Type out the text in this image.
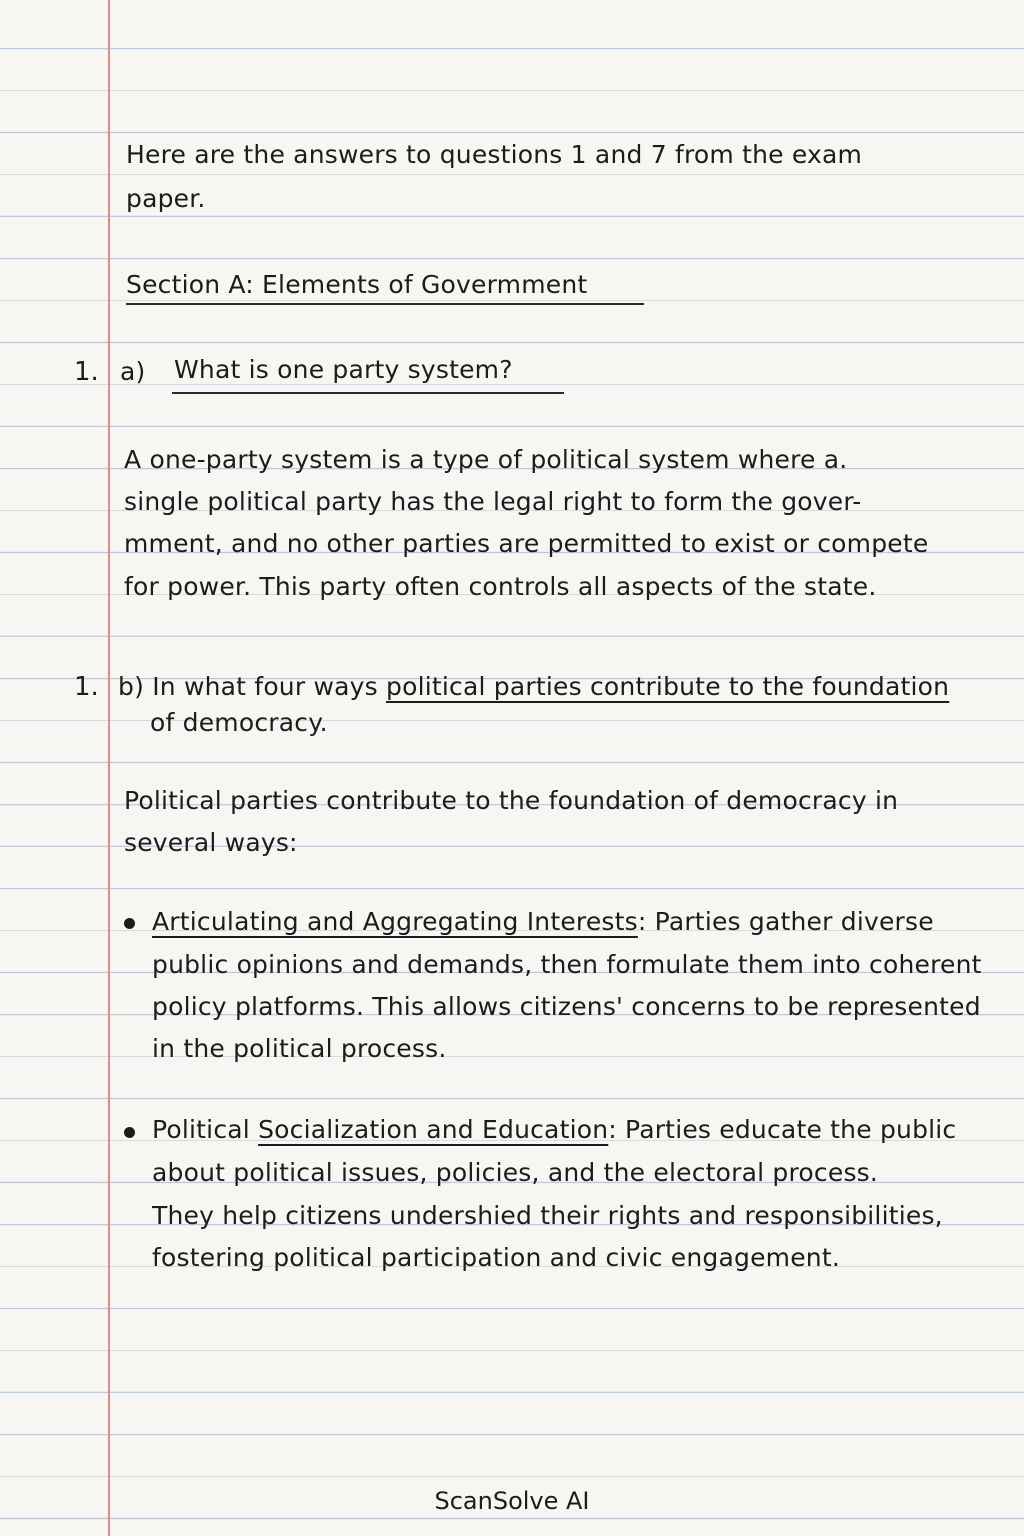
Here are the answers to questions 1 and 7 from the exam
paper.
Section A: Elements of Govermment
1. a) What is one party system?
A one-party system is a type of political system where a.
single political party has the legal right to form the gover-
mment, and no other parties are permitted to exist or compete
for power. This party often controls all aspects of the state.
1. b) In what four ways political parties contribute to the foundation
of democracy.
Political parties contribute to the foundation of democracy in
several ways:
Articulating and Aggregating Interests: Parties gather diverse
public opinions and demands, then formulate them into coherent
policy platforms. This allows citizens' concerns to be represented
in the political process.
Political Socialization and Education: Parties educate the public
about political issues, policies, and the electoral process.
They help citizens undershied their rights and responsibilities,
fostering political participation and civic engagement.
ScanSolve AI
